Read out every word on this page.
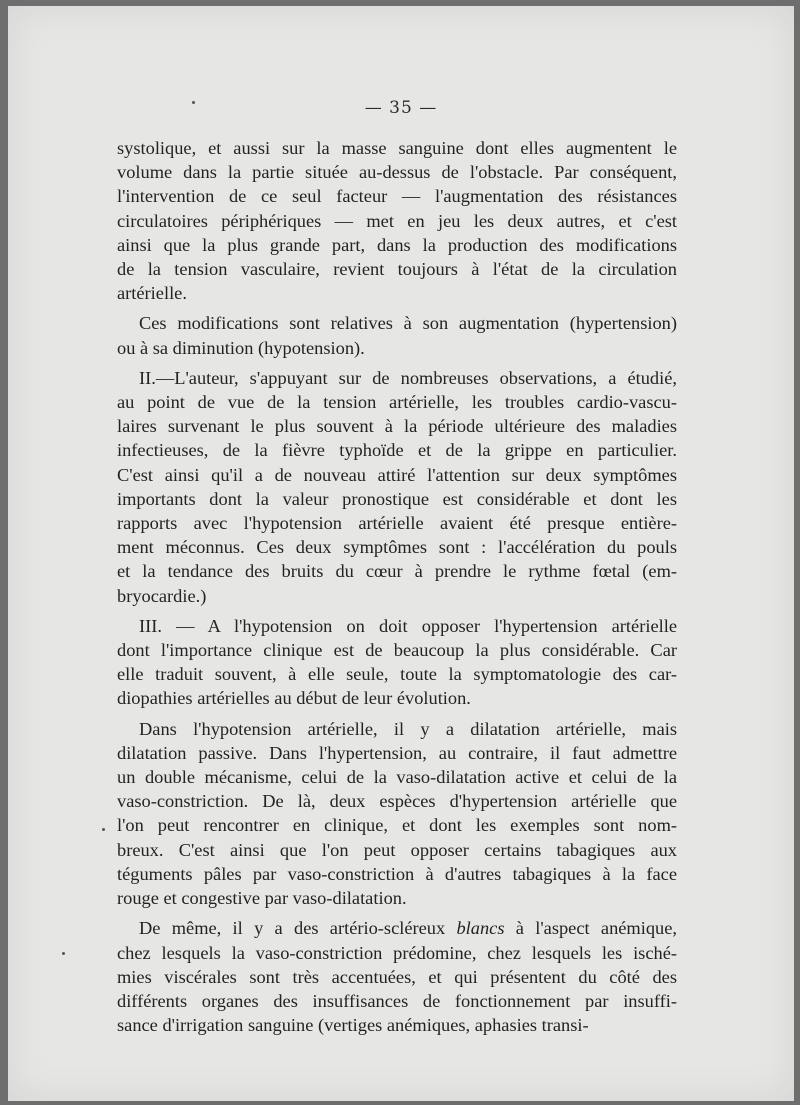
— 35 —
systolique, et aussi sur la masse sanguine dont elles augmentent le
volume dans la partie située au-dessus de l'obstacle. Par conséquent,
l'intervention de ce seul facteur — l'augmentation des résistances
circulatoires périphériques — met en jeu les deux autres, et c'est
ainsi que la plus grande part, dans la production des modifications
de la tension vasculaire, revient toujours à l'état de la circulation
artérielle.
Ces modifications sont relatives à son augmentation (hypertension)
ou à sa diminution (hypotension).
II.—L'auteur, s'appuyant sur de nombreuses observations, a étudié,
au point de vue de la tension artérielle, les troubles cardio-vascu-
laires survenant le plus souvent à la période ultérieure des maladies
infectieuses, de la fièvre typhoïde et de la grippe en particulier.
C'est ainsi qu'il a de nouveau attiré l'attention sur deux symptômes
importants dont la valeur pronostique est considérable et dont les
rapports avec l'hypotension artérielle avaient été presque entière-
ment méconnus. Ces deux symptômes sont : l'accélération du pouls
et la tendance des bruits du cœur à prendre le rythme fœtal (em-
bryocardie.)
III. — A l'hypotension on doit opposer l'hypertension artérielle
dont l'importance clinique est de beaucoup la plus considérable. Car
elle traduit souvent, à elle seule, toute la symptomatologie des car-
diopathies artérielles au début de leur évolution.
Dans l'hypotension artérielle, il y a dilatation artérielle, mais
dilatation passive. Dans l'hypertension, au contraire, il faut admettre
un double mécanisme, celui de la vaso-dilatation active et celui de la
vaso-constriction. De là, deux espèces d'hypertension artérielle que
l'on peut rencontrer en clinique, et dont les exemples sont nom-
breux. C'est ainsi que l'on peut opposer certains tabagiques aux
téguments pâles par vaso-constriction à d'autres tabagiques à la face
rouge et congestive par vaso-dilatation.
De même, il y a des artério-scléreux blancs à l'aspect anémique,
chez lesquels la vaso-constriction prédomine, chez lesquels les isché-
mies viscérales sont très accentuées, et qui présentent du côté des
différents organes des insuffisances de fonctionnement par insuffi-
sance d'irrigation sanguine (vertiges anémiques, aphasies transi-
